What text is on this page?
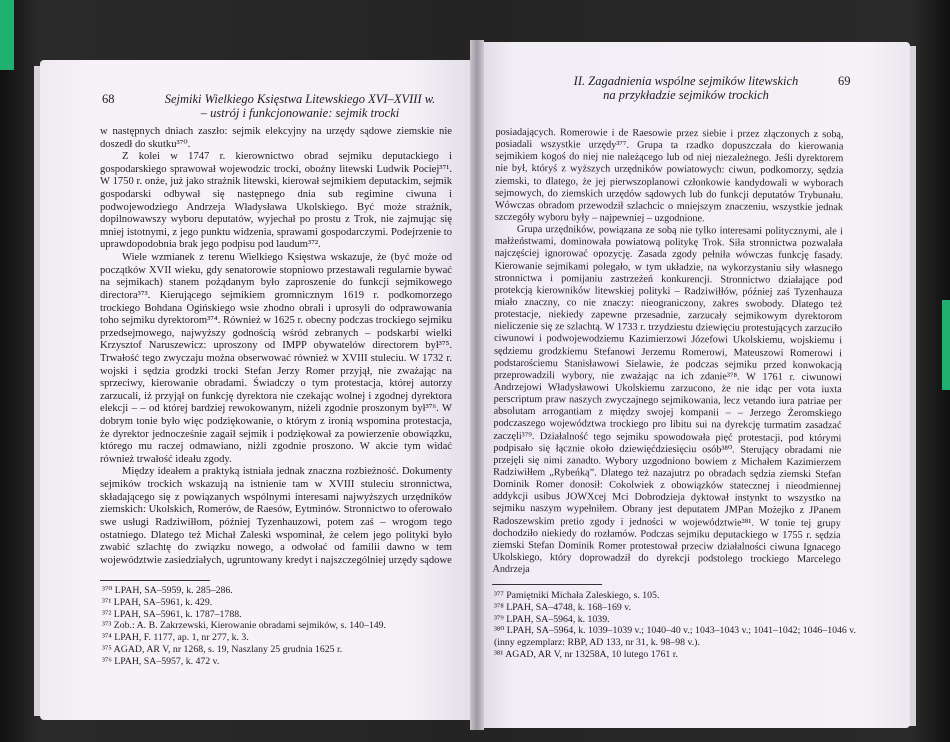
68	Sejmiki Wielkiego Księstwa Litewskiego XVI–XVIII w.
– ustrój i funkcjonowanie: sejmik trocki

w następnych dniach zaszło: sejmik elekcyjny na urzędy sądowe ziemskie nie doszedł do skutku³⁷⁰.

Z kolei w 1747 r. kierownictwo obrad sejmiku deputackiego i gospodarskiego sprawował wojewodzic trocki, oboźny litewski Ludwik Pociej³⁷¹. W 1750 r. onże, już jako strażnik litewski, kierował sejmikiem deputackim, sejmik gospodarski odbywał się następnego dnia sub regimine ciwuna i podwojewodziego Andrzeja Władysława Ukolskiego. Być może strażnik, dopilnowawszy wyboru deputatów, wyjechał po prostu z Trok, nie zajmując się mniej istotnymi, z jego punktu widzenia, sprawami gospodarczymi. Podejrzenie to uprawdopodobnia brak jego podpisu pod laudum³⁷².

Wiele wzmianek z terenu Wielkiego Księstwa wskazuje, że (być może od początków XVII wieku, gdy senatorowie stopniowo przestawali regularnie bywać na sejmikach) stanem pożądanym było zaproszenie do funkcji sejmikowego directora³⁷³. Kierującego sejmikiem gromnicznym 1619 r. podkomorzego trockiego Bohdana Ogińskiego wsie zhodno obrali i uprosyli do odprawowania toho sejmiku dyrektorom³⁷⁴. Również w 1625 r. obecny podczas trockiego sejmiku przedsejmowego, najwyższy godnością wśród zebranych – podskarbi wielki Krzysztof Naruszewicz: uproszony od IMPP obywatelów directorem był³⁷⁵. Trwałość tego zwyczaju można obserwować również w XVIII stuleciu. W 1732 r. wojski i sędzia grodzki trocki Stefan Jerzy Romer przyjął, nie zważając na sprzeciwy, kierowanie obradami. Świadczy o tym protestacja, której autorzy zarzucali, iż przyjął on funkcję dyrektora nie czekając wolnej i zgodnej dyrektora elekcji – – od której bardziej rewokowanym, niżeli zgodnie proszonym był³⁷⁶. W dobrym tonie było więc podziękowanie, o którym z ironią wspomina protestacja, że dyrektor jednocześnie zagaił sejmik i podziękował za powierzenie obowiązku, którego mu raczej odmawiano, niżli zgodnie proszono. W akcie tym widać również trwałość ideału zgody.

Między ideałem a praktyką istniała jednak znaczna rozbieżność. Dokumenty sejmików trockich wskazują na istnienie tam w XVIII stuleciu stronnictwa, składającego się z powiązanych wspólnymi interesami najwyższych urzędników ziemskich: Ukolskich, Romerów, de Raesów, Eytminów. Stronnictwo to oferowało swe usługi Radziwiłłom, później Tyzenhauzowi, potem zaś – wrogom tego ostatniego. Dlatego też Michał Zaleski wspominał, że celem jego polityki było zwabić szlachtę do związku nowego, a odwołać od familii dawno w tem województwie zasiedziałych, ugruntowany kredyt i najszczególniej urzędy sądowe

³⁷⁰ LPAH, SA–5959, k. 285–286.
³⁷¹ LPAH, SA–5961, k. 429.
³⁷² LPAH, SA–5961, k. 1787–1788.
³⁷³ Zob.: A. B. Zakrzewski, Kierowanie obradami sejmików, s. 140–149.
³⁷⁴ LPAH, F. 1177, ap. 1, nr 277, k. 3.
³⁷⁵ AGAD, AR V, nr 1268, s. 19, Naszlany 25 grudnia 1625 r.
³⁷⁶ LPAH, SA–5957, k. 472 v.
II. Zagadnienia wspólne sejmików litewskich
na przykładzie sejmików trockich
69

posiadających. Romerowie i de Raesowie przez siebie i przez złączonych z sobą, posiadali wszystkie urzędy³⁷⁷. Grupa ta rzadko dopuszczała do kierowania sejmikiem kogoś do niej nie należącego lub od niej niezależnego. Jeśli dyrektorem nie był, któryś z wyższych urzędników powiatowych: ciwun, podkomorzy, sędzia ziemski, to dlatego, że jej pierwszoplanowi członkowie kandydowali w wyborach sejmowych, do ziemskich urzędów sądowych lub do funkcji deputatów Trybunału. Wówczas obradom przewodził szlachcic o mniejszym znaczeniu, wszystkie jednak szczegóły wyboru były – najpewniej – uzgodnione.

Grupa urzędników, powiązana ze sobą nie tylko interesami politycznymi, ale i małżeństwami, dominowała powiatową politykę Trok. Siła stronnictwa pozwalała najczęściej ignorować opozycję. Zasada zgody pełniła wówczas funkcję fasady. Kierowanie sejmikami polegało, w tym układzie, na wykorzystaniu siły własnego stronnictwa i pomijaniu zastrzeżeń konkurencji. Stronnictwo działające pod protekcją kierowników litewskiej polityki – Radziwiłłów, później zaś Tyzenhauza miało znaczny, co nie znaczy: nieograniczony, zakres swobody. Dlatego też protestacje, niekiedy zapewne przesadnie, zarzucały sejmikowym dyrektorom nieliczenie się ze szlachtą. W 1733 r. trzydziestu dziewięciu protestujących zarzuciło ciwunowi i podwojewodziemu Kazimierzowi Józefowi Ukolskiemu, wojskiemu i sędziemu grodzkiemu Stefanowi Jerzemu Romerowi, Mateuszowi Romerowi i podstarościemu Stanisławowi Sielawie, że podczas sejmiku przed konwokacją przeprowadzili wybory, nie zważając na ich zdanie³⁷⁸. W 1761 r. ciwunowi Andrzejowi Władysławowi Ukolskiemu zarzucono, że nie idąc per vota iuxta perscriptum praw naszych zwyczajnego sejmikowania, lecz vetando iura patriae per absolutam arrogantiam z między swojej kompanii – – Jerzego Żeromskiego podczaszego województwa trockiego pro libitu sui na dyrekcję turmatim zasadzać zaczęli³⁷⁹. Działalność tego sejmiku spowodowała pięć protestacji, pod którymi podpisało się łącznie około dziewięćdziesięciu osób³⁸⁰. Sterujący obradami nie przejęli się nimi zanadto. Wybory uzgodniono bowiem z Michałem Kazimierzem Radziwiłłem „Rybeńką”. Dlatego też nazajutrz po obradach sędzia ziemski Stefan Dominik Romer donosił: Cokolwiek z obowiązków statecznej i nieodmiennej addykcji usibus JOWXcej Mci Dobrodzieja dyktował instynkt to wszystko na sejmiku naszym wypełniłem. Obrany jest deputatem JMPan Możejko z JPanem Radoszewskim pretio zgody i jedności w województwie³⁸¹. W tonie tej grupy dochodziło niekiedy do rozłamów. Podczas sejmiku deputackiego w 1755 r. sędzia ziemski Stefan Dominik Romer protestował przeciw działalności ciwuna Ignacego Ukolskiego, który doprowadził do dyrekcji podstolego trockiego Marcelego Andrzeja

³⁷⁷ Pamiętniki Michała Zaleskiego, s. 105.
³⁷⁸ LPAH, SA–4748, k. 168–169 v.
³⁷⁹ LPAH, SA–5964, k. 1039.
³⁸⁰ LPAH, SA–5964, k. 1039–1039 v.; 1040–40 v.; 1043–1043 v.; 1041–1042; 1046–1046 v.
(inny egzemplarz: RBP, AD 133, nr 31, k. 98–98 v.).
³⁸¹ AGAD, AR V, nr 13258A, 10 lutego 1761 r.
